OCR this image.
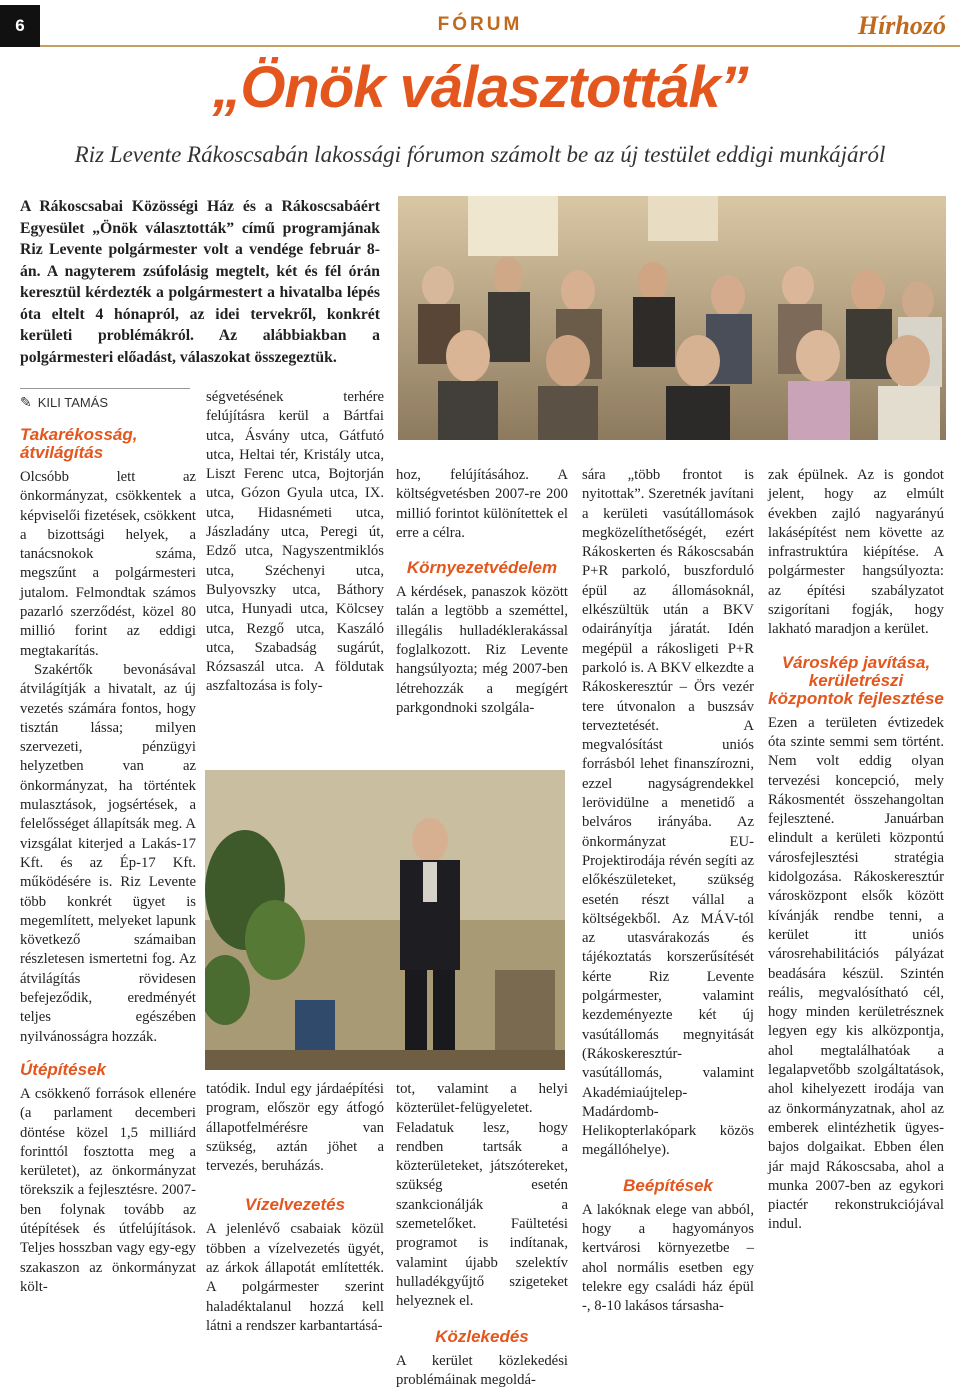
6	FÓRUM	Hírhozó
„Önök választották”
Riz Levente Rákoscsabán lakossági fórumon számolt be az új testület eddigi munkájáról
A Rákoscsabai Közösségi Ház és a Rákoscsabáért Egyesület „Önök választották” című programjának Riz Levente polgármester volt a vendége február 8-án. A nagyterem zsúfolásig megtelt, két és fél órán keresztül kérdezték a polgármestert a hivatalba lépés óta eltelt 4 hónapról, az idei tervekről, konkrét kerületi problémákról. Az alábbiakban a polgármesteri előadást, válaszokat összegeztük.
✎ KILI TAMÁS
Takarékosság, átvilágítás

Olcsóbb lett az önkormányzat, csökkentek a képviselői fizetések, csökkent a bizottsági helyek, a tanácsnokok száma, megszűnt a polgármesteri jutalom. Felmondtak számos pazarló szerződést, közel 80 millió forint az eddigi megtakarítás.

Szakértők bevonásával átvilágítják a hivatalt, az új vezetés számára fontos, hogy tisztán lássa; milyen szervezeti, pénzügyi helyzetben van az önkormányzat, ha történtek mulasztások, jogsértések, a felelősséget állapítsák meg. A vizsgálat kiterjed a Lakás-17 Kft. és az Ép-17 Kft. működésére is. Riz Levente több konkrét ügyet is megemlített, melyeket lapunk következő számaiban részletesen ismertetni fog. Az átvilágítás rövidesen befejeződik, eredményét teljes egészében nyilvánosságra hozzák.

Útépítések

A csökkenő források ellenére (a parlament decemberi döntése közel 1,5 milliárd forinttól fosztotta meg a kerületet), az önkormányzat törekszik a fejlesztésre. 2007-ben folynak tovább az útépítések és útfelújítások. Teljes hosszban vagy egy-egy szakaszon az önkormányzat költ-

ségvetésének terhére felújításra kerül a Bártfai utca, Ásvány utca, Gátfutó utca, Heltai tér, Kristály utca, Liszt Ferenc utca, Bojtorján utca, Gózon Gyula utca, IX. utca, Hidasnémeti utca, Jászladány utca, Peregi út, Edző utca, Nagyszentmiklós utca, Széchenyi utca, Bulyovszky utca, Báthory utca, Hunyadi utca, Kölcsey utca, Rezgő utca, Kaszáló utca, Szabadság sugárút, Rózsaszál utca. A földutak aszfaltozása is foly-

tatódik. Indul egy járdaépítési program, először egy átfogó állapotfelmérésre van szükség, aztán jöhet a tervezés, beruházás.

Vízelvezetés

A jelenlévő csabaiak közül többen a vízelvezetés ügyét, az árkok állapotát említették. A polgármester szerint haladéktalanul hozzá kell látni a rendszer karbantartásá-

hoz, felújításához. A költségvetésben 2007-re 200 millió forintot különítettek el erre a célra.

Környezetvédelem

A kérdések, panaszok között talán a legtöbb a szeméttel, illegális hulladéklerakással foglalkozott. Riz Levente hangsúlyozta; még 2007-ben létrehozzák a megígért parkgondnoki szolgála-

tot, valamint a helyi közterület-felügyeletet. Feladatuk lesz, hogy rendben tartsák a közterületeket, játszótereket, szükség esetén szankcionálják a szemetelőket. Faültetési programot is indítanak, valamint újabb szelektív hulladékgyűjtő szigeteket helyeznek el.

Közlekedés

A kerület közlekedési problémáinak megoldá-

sára „több frontot is nyitottak”. Szeretnék javítani a kerületi vasútállomások megközelíthetőségét, ezért Rákoskerten és Rákoscsabán P+R parkoló, buszforduló épül az állomásoknál, elkészültük után a BKV odairányítja járatát. Idén megépül a rákosligeti P+R parkoló is. A BKV elkezdte a Rákoskeresztúr – Örs vezér tere útvonalon a buszsáv terveztetését. A megvalósítást uniós forrásból lehet finanszírozni, ezzel nagyságrendekkel lerövidülne a menetidő a belváros irányába. Az önkormányzat EU-Projektirodája révén segíti az előkészületeket, szükség esetén részt vállal a költségekből. Az MÁV-tól az utasvárakozás és tájékoztatás korszerűsítését kérte Riz Levente polgármester, valamint kezdeményezte két új vasútállomás megnyitását (Rákoskeresztúr-vasútállomás, valamint Akadémiaújtelep-Madárdomb-Helikopterlakópark közös megállóhelye).

Beépítések

A lakóknak elege van abból, hogy a hagyományos kertvárosi környezetbe – ahol normális esetben egy telekre egy családi ház épül -, 8-10 lakásos társasha-

zak épülnek. Az is gondot jelent, hogy az elmúlt években zajló nagyarányú lakásépítést nem követte az infrastruktúra kiépítése. A polgármester hangsúlyozta: az építési szabályzatot szigorítani fogják, hogy lakható maradjon a kerület.

Városkép javítása, kerületrészi központok fejlesztése

Ezen a területen évtizedek óta szinte semmi sem történt. Nem volt eddig olyan tervezési koncepció, mely Rákosmentét összehangoltan fejlesztené. Januárban elindult a kerületi központú városfejlesztési stratégia kidolgozása. Rákoskeresztúr városközpont elsők között kívánják rendbe tenni, a kerület itt uniós városrehabilitációs pályázat beadására készül. Szintén reális, megvalósítható cél, hogy minden kerületrésznek legyen egy kis alközpontja, ahol megtalálhatóak a legalapvetőbb szolgáltatások, ahol kihelyezett irodája van az önkormányzatnak, ahol az emberek elintézhetik ügyes-bajos dolgaikat. Ebben élen jár majd Rákoscsaba, ahol a munka 2007-ben az egykori piactér rekonstrukciójával indul.
